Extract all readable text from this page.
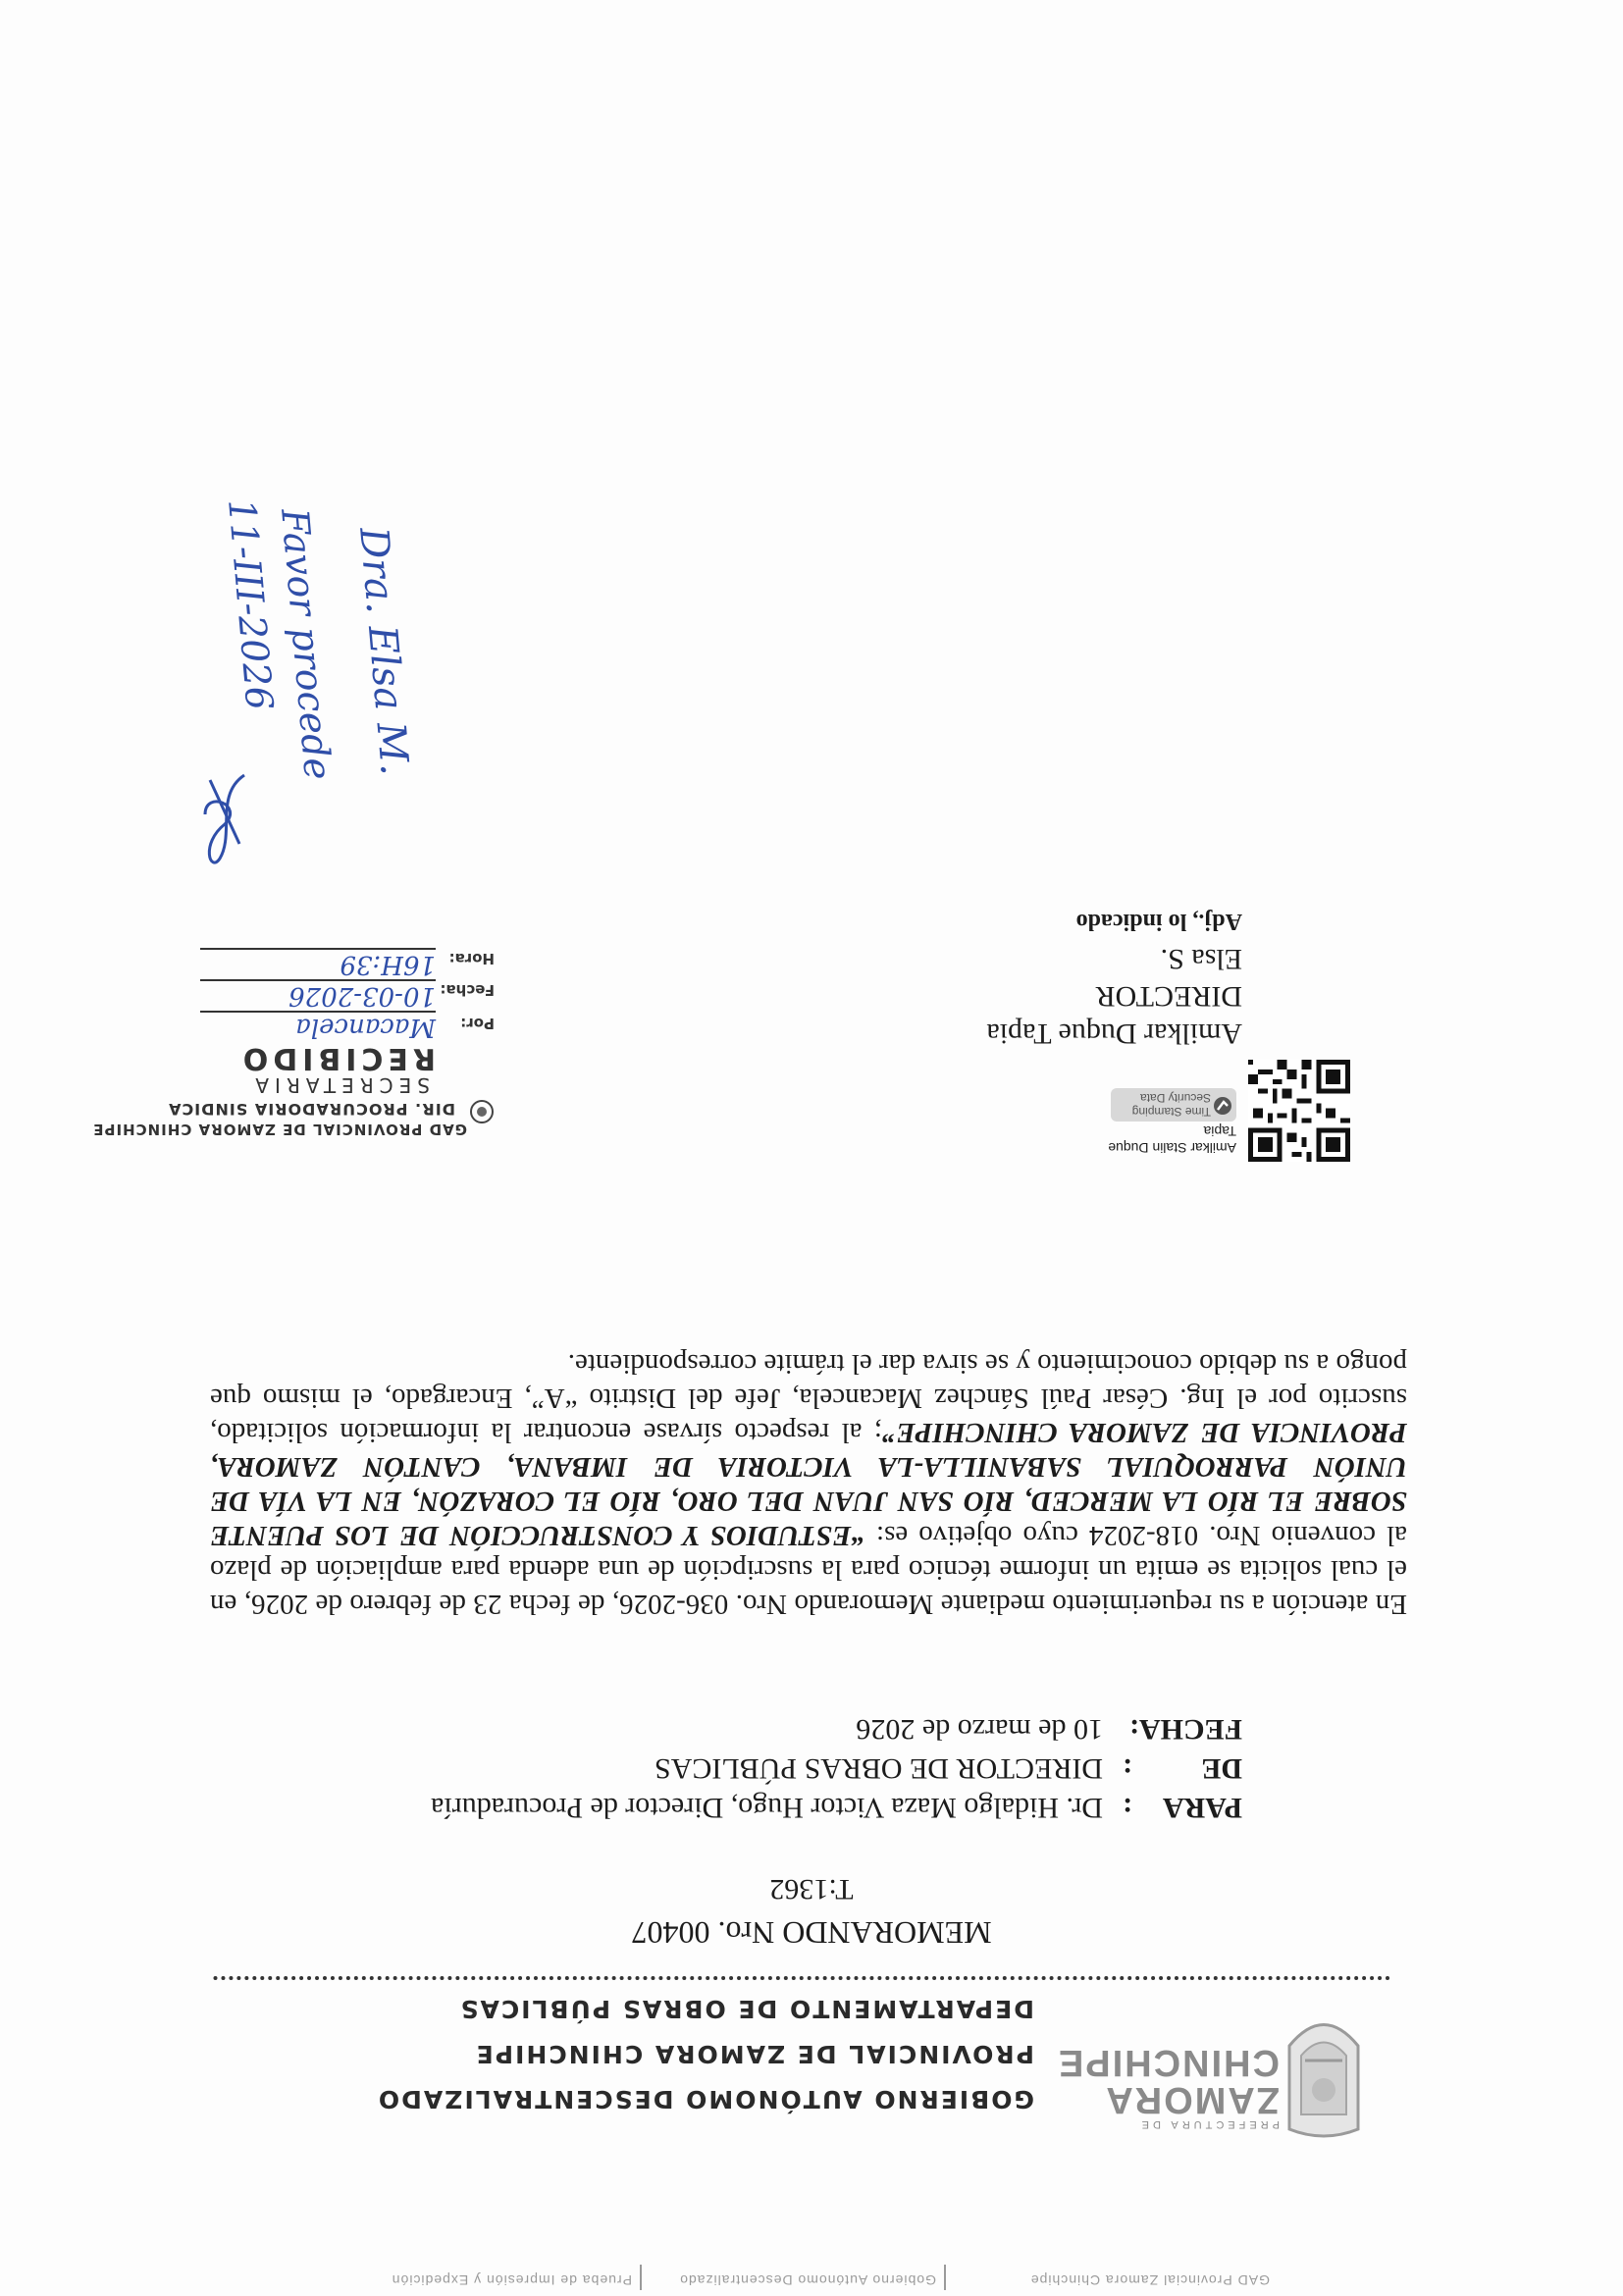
Prueba de Impresión y Expedición	Gobierno Autónomo Descentralizado	GAD Provincial Zamora Chinchipe
PREFECTURA DE
ZAMORA
CHINCHIPE
GOBIERNO AUTÓNOMO DESCENTRALIZADO
PROVINCIAL DE ZAMORA CHINCHIPE
DEPARTAMENTO DE OBRAS PÚBLICAS
MEMORANDO Nro. 00407
T:1362
PARA
:
Dr. Hidalgo Maza Victor Hugo, Director de Procuraduría
DE
:
DIRECTOR DE OBRAS PÚBLICAS
FECHA:
10 de marzo de 2026
En atención a su requerimiento mediante Memorando Nro. 036-2026, de fecha 23 de febrero de 2026, en el cual solicita se emita un informe técnico para la suscripción de una adenda para ampliación de plazo al convenio Nro. 018-2024 cuyo objetivo es: “ESTUDIOS Y CONSTRUCCIÓN DE LOS PUENTE SOBRE EL RÍO LA MERCED, RÍO SAN JUAN DEL ORO, RÍO EL CORAZÓN, EN LA VÍA DE UNIÓN PARROQUIAL SABANILLA-LA VICTORIA DE IMBANA, CANTÓN ZAMORA, PROVINCIA DE ZAMORA CHINCHIPE”; al respecto sírvase encontrar la información solicitado, suscrito por el Ing. César Paúl Sánchez Macancela, Jefe del Distrito “A”, Encargado, el mismo que pongo a su debido conocimiento y se sirva dar el trámite correspondiente.
Amilkar Stalin Duque
Tapia
Time Stamping
Security Data
Amilkar Duque Tapia
DIRECTOR
Elsa S.
Adj., lo indicado
GAD PROVINCIAL DE ZAMORA CHINCHIPE
DIR. PROCURADORIA SINDICA
SECRETARIA
RECIBIDO
Por:
Macancela
Fecha:
10-03-2026
Hora:
16H:39
Dra. Elsa M.
Favor procede
11-III-2026
